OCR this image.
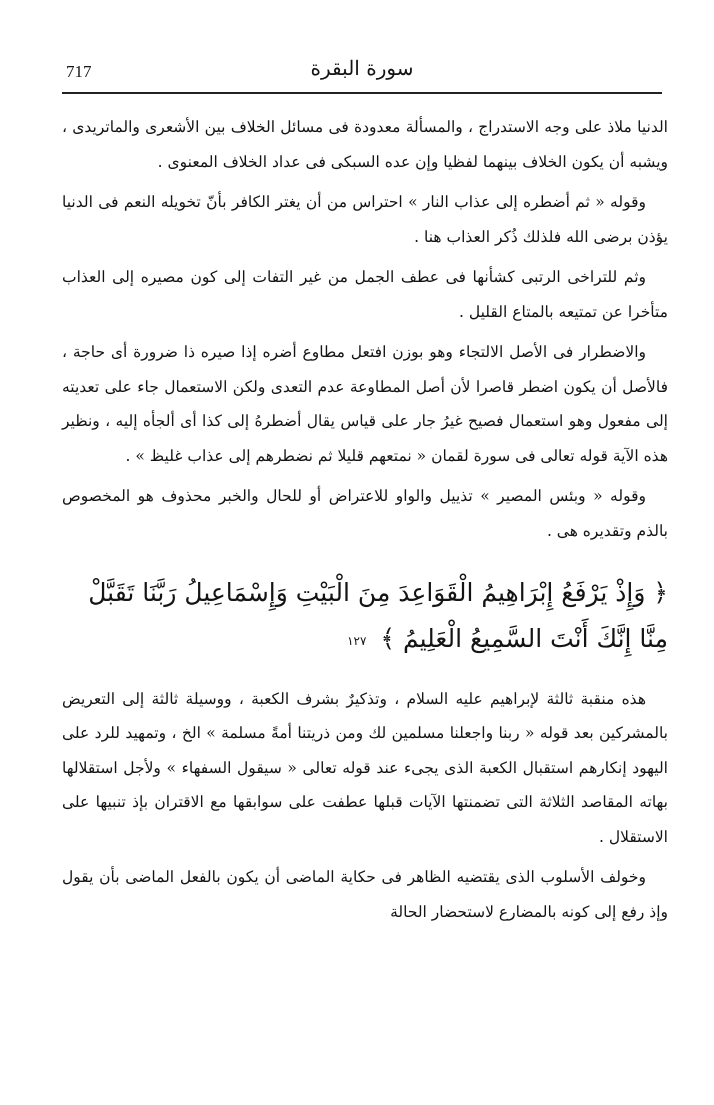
717	سورة البقرة

الدنيا ملاذ على وجه الاستدراج ، والمسألة معدودة فى مسائل الخلاف بين الأشعرى والماتريدى ، ويشبه أن يكون الخلاف بينهما لفظيا وإن عده السبكى فى عداد الخلاف المعنوى .

وقوله « ثم أضطره إلى عذاب النار » احتراس من أن يغتر الكافر بأنّ تخويله النعم فى الدنيا يؤذن برضى الله فلذلك ذُكر العذاب هنا .

وثم للتراخى الرتبى كشأنها فى عطف الجمل من غير التفات إلى كون مصيره إلى العذاب متأخرا عن تمتيعه بالمتاع القليل .

والاضطرار فى الأصل الالتجاء وهو بوزن افتعل مطاوع أضره إذا صيره ذا ضرورة أى حاجة ، فالأصل أن يكون اضطر قاصرا لأن أصل المطاوعة عدم التعدى ولكن الاستعمال جاء على تعديته إلى مفعول وهو استعمال فصيح غيرُ جار على قياس يقال أضطرهُ إلى كذا أى ألجأه إليه ، ونظير هذه الآية قوله تعالى فى سورة لقمان « نمتعهم قليلا ثم نضطرهم إلى عذاب غليظ » .

وقوله « وبئس المصير » تذييل والواو للاعتراض أو للحال والخبر محذوف هو المخصوص بالذم وتقديره هى .

﴿ وَإِذْ يَرْفَعُ إِبْرَاهِيمُ الْقَوَاعِدَ مِنَ الْبَيْتِ وَإِسْمَاعِيلُ رَبَّنَا تَقَبَّلْ مِنَّا إِنَّكَ أَنْتَ السَّمِيعُ الْعَلِيمُ ﴾ ١٢٧

هذه منقبة ثالثة لإبراهيم عليه السلام ، وتذكيرٌ بشرف الكعبة ، ووسيلة ثالثة إلى التعريض بالمشركين بعد قوله « ربنا واجعلنا مسلمين لك ومن ذريتنا أمةً مسلمة » الخ ، وتمهيد للرد على اليهود إنكارهم استقبال الكعبة الذى يجىء عند قوله تعالى « سيقول السفهاء » ولأجل استقلالها بهاته المقاصد الثلاثة التى تضمنتها الآيات قبلها عطفت على سوابقها مع الاقتران بإذ تنبيها على الاستقلال .

وخولف الأسلوب الذى يقتضيه الظاهر فى حكاية الماضى أن يكون بالفعل الماضى بأن يقول وإذ رفع إلى كونه بالمضارع لاستحضار الحالة
